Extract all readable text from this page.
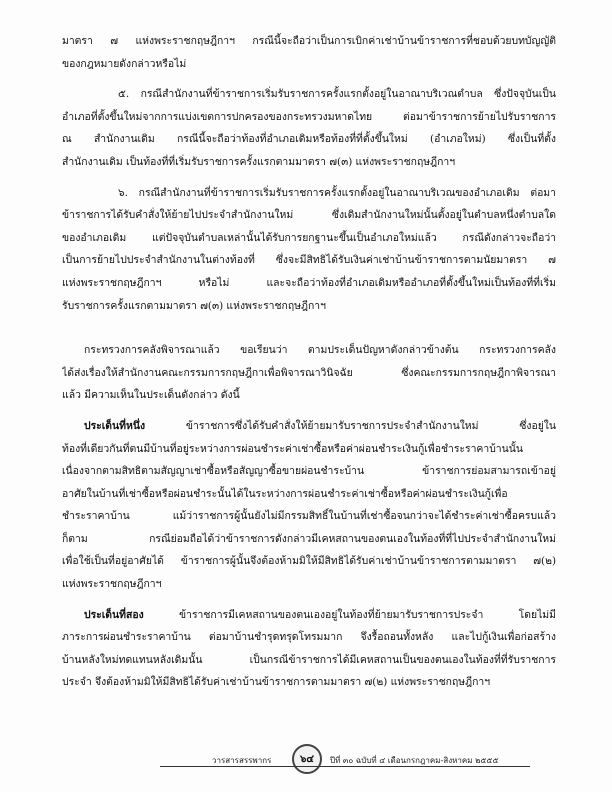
มาตรา ๗ แห่งพระราชกฤษฎีกาฯ กรณีนี้จะถือว่าเป็นการเบิกค่าเช่าบ้านข้าราชการที่ชอบด้วยบทบัญญัติ
ของกฎหมายดังกล่าวหรือไม่
๕. กรณีสำนักงานที่ข้าราชการเริ่มรับราชการครั้งแรกตั้งอยู่ในอาณาบริเวณตำบล ซึ่งปัจจุบันเป็น
อำเภอที่ตั้งขึ้นใหม่จากการแบ่งเขตการปกครองของกระทรวงมหาดไทย ต่อมาข้าราชการย้ายไปรับราชการ
ณ สำนักงานเดิม กรณีนี้จะถือว่าท้องที่อำเภอเดิมหรือท้องที่ที่ตั้งขึ้นใหม่ (อำเภอใหม่) ซึ่งเป็นที่ตั้ง
สำนักงานเดิม เป็นท้องที่ที่เริ่มรับราชการครั้งแรกตามมาตรา ๗(๓) แห่งพระราชกฤษฎีกาฯ
๖. กรณีสำนักงานที่ข้าราชการเริ่มรับราชการครั้งแรกตั้งอยู่ในอาณาบริเวณของอำเภอเดิม ต่อมา
ข้าราชการได้รับคำสั่งให้ย้ายไปประจำสำนักงานใหม่ ซึ่งเดิมสำนักงานใหม่นั้นตั้งอยู่ในตำบลหนึ่งตำบลใด
ของอำเภอเดิม แต่ปัจจุบันตำบลเหล่านั้นได้รับการยกฐานะขึ้นเป็นอำเภอใหม่แล้ว กรณีดังกล่าวจะถือว่า
เป็นการย้ายไปประจำสำนักงานในต่างท้องที่ ซึ่งจะมีสิทธิได้รับเงินค่าเช่าบ้านข้าราชการตามนัยมาตรา ๗
แห่งพระราชกฤษฎีกาฯ หรือไม่ และจะถือว่าท้องที่อำเภอเดิมหรืออำเภอที่ตั้งขึ้นใหม่เป็นท้องที่ที่เริ่ม
รับราชการครั้งแรกตามมาตรา ๗(๓) แห่งพระราชกฤษฎีกาฯ
กระทรวงการคลังพิจารณาแล้ว ขอเรียนว่า ตามประเด็นปัญหาดังกล่าวข้างต้น กระทรวงการคลัง
ได้ส่งเรื่องให้สำนักงานคณะกรรมการกฤษฎีกาเพื่อพิจารณาวินิจฉัย ซึ่งคณะกรรมการกฤษฎีกาพิจารณา
แล้ว มีความเห็นในประเด็นดังกล่าว ดังนี้
ประเด็นที่หนึ่ง ข้าราชการซึ่งได้รับคำสั่งให้ย้ายมารับราชการประจำสำนักงานใหม่ ซึ่งอยู่ใน
ท้องที่เดียวกันที่ตนมีบ้านที่อยู่ระหว่างการผ่อนชำระค่าเช่าซื้อหรือค่าผ่อนชำระเงินกู้เพื่อชำระราคาบ้านนั้น
เนื่องจากตามสิทธิตามสัญญาเช่าซื้อหรือสัญญาซื้อขายผ่อนชำระบ้าน ข้าราชการย่อมสามารถเข้าอยู่
อาศัยในบ้านที่เช่าซื้อหรือผ่อนชำระนั้นได้ในระหว่างการผ่อนชำระค่าเช่าซื้อหรือค่าผ่อนชำระเงินกู้เพื่อ
ชำระราคาบ้าน แม้ว่าราชการผู้นั้นยังไม่มีกรรมสิทธิ์ในบ้านที่เช่าซื้อจนกว่าจะได้ชำระค่าเช่าซื้อครบแล้ว
ก็ตาม กรณีย่อมถือได้ว่าข้าราชการดังกล่าวมีเคหสถานของตนเองในท้องที่ที่ไปประจำสำนักงานใหม่
เพื่อใช้เป็นที่อยู่อาศัยได้ ข้าราชการผู้นั้นจึงต้องห้ามมิให้มีสิทธิได้รับค่าเช่าบ้านข้าราชการตามมาตรา ๗(๒)
แห่งพระราชกฤษฎีกาฯ
ประเด็นที่สอง ข้าราชการมีเคหสถานของตนเองอยู่ในท้องที่ย้ายมารับราชการประจำ โดยไม่มี
ภาระการผ่อนชำระราคาบ้าน ต่อมาบ้านชำรุดทรุดโทรมมาก จึงรื้อถอนทั้งหลัง และไปกู้เงินเพื่อก่อสร้าง
บ้านหลังใหม่ทดแทนหลังเดิมนั้น เป็นกรณีข้าราชการได้มีเคหสถานเป็นของตนเองในท้องที่ที่รับราชการ
ประจำ จึงต้องห้ามมิให้มีสิทธิได้รับค่าเช่าบ้านข้าราชการตามมาตรา ๗(๒) แห่งพระราชกฤษฎีกาฯ
วารสารสรรพากร	๖๔ ปีที่ ๓๐ ฉบับที่ ๔ เดือนกรกฎาคม-สิงหาคม ๒๕๕๕
